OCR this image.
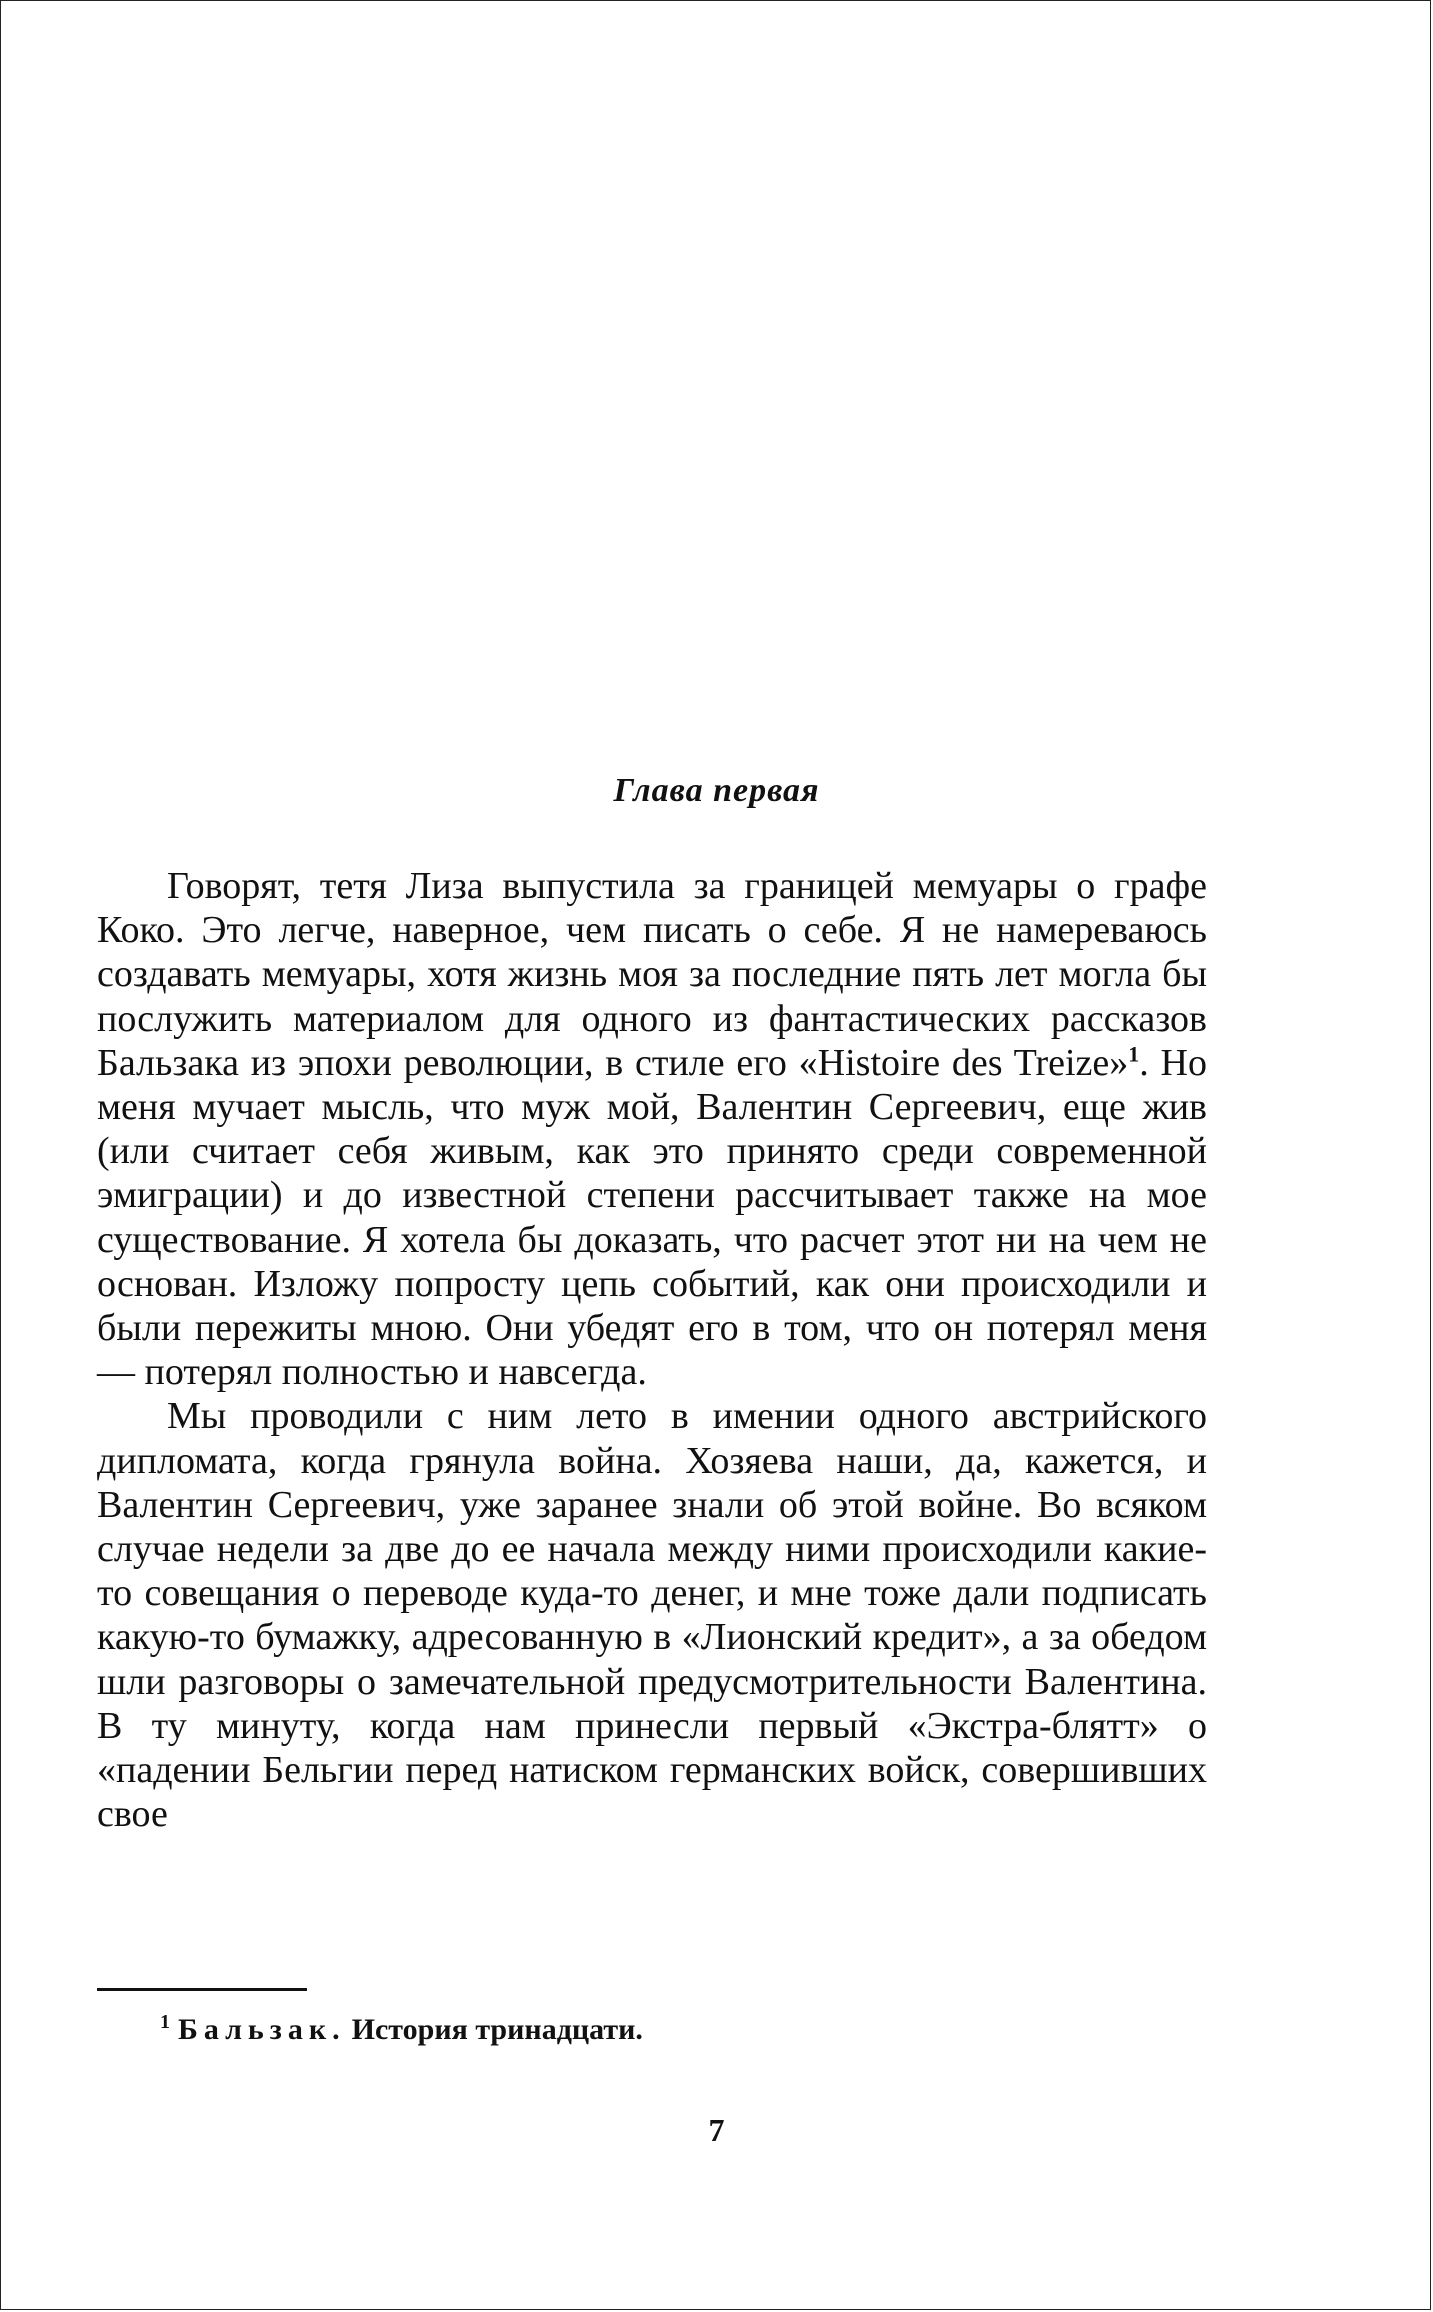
Глава первая

Говорят, тетя Лиза выпустила за границей мемуары о графе Коко. Это легче, наверное, чем писать о себе. Я не намереваюсь создавать мемуары, хотя жизнь моя за последние пять лет могла бы послужить материалом для одного из фантастических рассказов Бальзака из эпохи революции, в стиле его «Histoire des Treize»$^1$. Но меня мучает мысль, что муж мой, Валентин Сергеевич, еще жив (или считает себя живым, как это принято среди современной эмиграции) и до известной степени рассчитывает также на мое существование. Я хотела бы доказать, что расчет этот ни на чем не основан. Изложу попросту цепь событий, как они происходили и были пережиты мною. Они убедят его в том, что он потерял меня — потерял полностью и навсегда.

Мы проводили с ним лето в имении одного австрийского дипломата, когда грянула война. Хозяева наши, да, кажется, и Валентин Сергеевич, уже заранее знали об этой войне. Во всяком случае недели за две до ее начала между ними происходили какие-то совещания о переводе куда-то денег, и мне тоже дали подписать какую-то бумажку, адресованную в «Лионский кредит», а за обедом шли разговоры о замечательной предусмотрительности Валентина. В ту минуту, когда нам принесли первый «Экстра-блятт» о «падении Бельгии перед натиском германских войск, совершивших свое

$^1$ Бальзак. История тринадцати.
7
